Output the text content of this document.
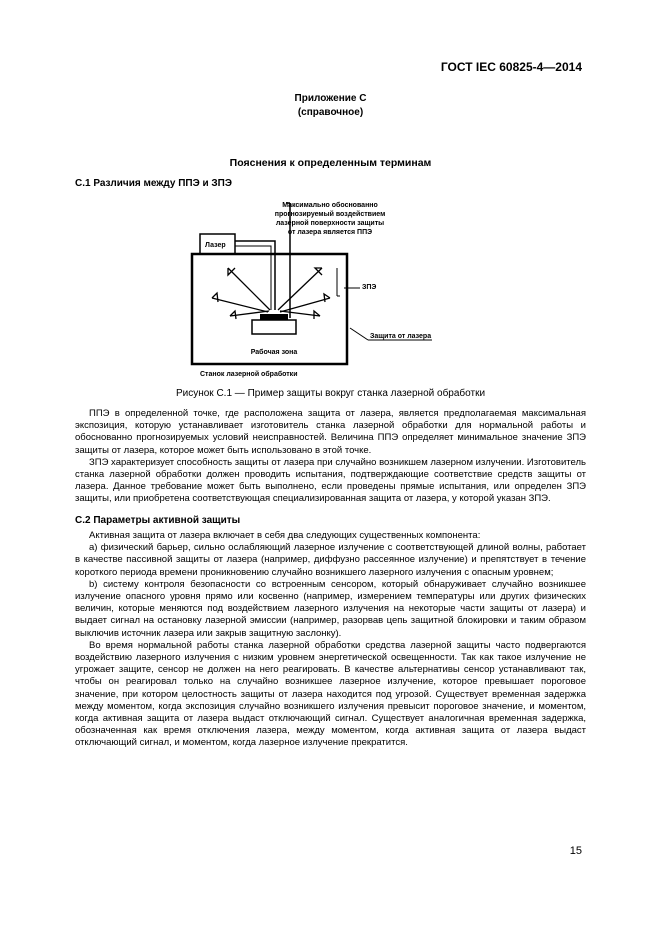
ГОСТ IEC 60825-4—2014
Приложение С
(справочное)
Пояснения к определенным терминам
С.1 Различия между ППЭ и ЗПЭ
Максимально обоснованно
прогнозируемый воздействием
лазерной поверхности защиты
от лазера является ППЭ
Лазер
Рабочая зона
ЗПЭ
Защита от лазера
Станок лазерной обработки
Рисунок С.1 — Пример защиты вокруг станка лазерной обработки

ППЭ в определенной точке, где расположена защита от лазера, является предполагаемая максимальная экспозиция, которую устанавливает изготовитель станка лазерной обработки для нормальной работы и обоснованно прогнозируемых условий неисправностей. Величина ППЭ определяет минимальное значение ЗПЭ защиты от лазера, которое может быть использовано в этой точке.

ЗПЭ характеризует способность защиты от лазера при случайно возникшем лазерном излучении. Изготовитель станка лазерной обработки должен проводить испытания, подтверждающие соответствие средств защиты от лазера. Данное требование может быть выполнено, если проведены прямые испытания, или определен ЗПЭ защиты, или приобретена соответствующая специализированная защита от лазера, у которой указан ЗПЭ.

С.2 Параметры активной защиты

Активная защита от лазера включает в себя два следующих существенных компонента:

а) физический барьер, сильно ослабляющий лазерное излучение с соответствующей длиной волны, работает в качестве пассивной защиты от лазера (например, диффузно рассеянное излучение) и препятствует в течение короткого периода времени проникновению случайно возникшего лазерного излучения с опасным уровнем;

b) систему контроля безопасности со встроенным сенсором, который обнаруживает случайно возникшее излучение опасного уровня прямо или косвенно (например, измерением температуры или других физических величин, которые меняются под воздействием лазерного излучения на некоторые части защиты от лазера) и выдает сигнал на остановку лазерной эмиссии (например, разорвав цепь защитной блокировки и таким образом выключив источник лазера или закрыв защитную заслонку).

Во время нормальной работы станка лазерной обработки средства лазерной защиты часто подвергаются воздействию лазерного излучения с низким уровнем энергетической освещенности. Так как такое излучение не угрожает защите, сенсор не должен на него реагировать. В качестве альтернативы сенсор устанавливают так, чтобы он реагировал только на случайно возникшее лазерное излучение, которое превышает пороговое значение, при котором целостность защиты от лазера находится под угрозой. Существует временная задержка между моментом, когда экспозиция случайно возникшего излучения превысит пороговое значение, и моментом, когда активная защита от лазера выдаст отключающий сигнал. Существует аналогичная временная задержка, обозначенная как время отключения лазера, между моментом, когда активная защита от лазера выдаст отключающий сигнал, и моментом, когда лазерное излучение прекратится.

15
